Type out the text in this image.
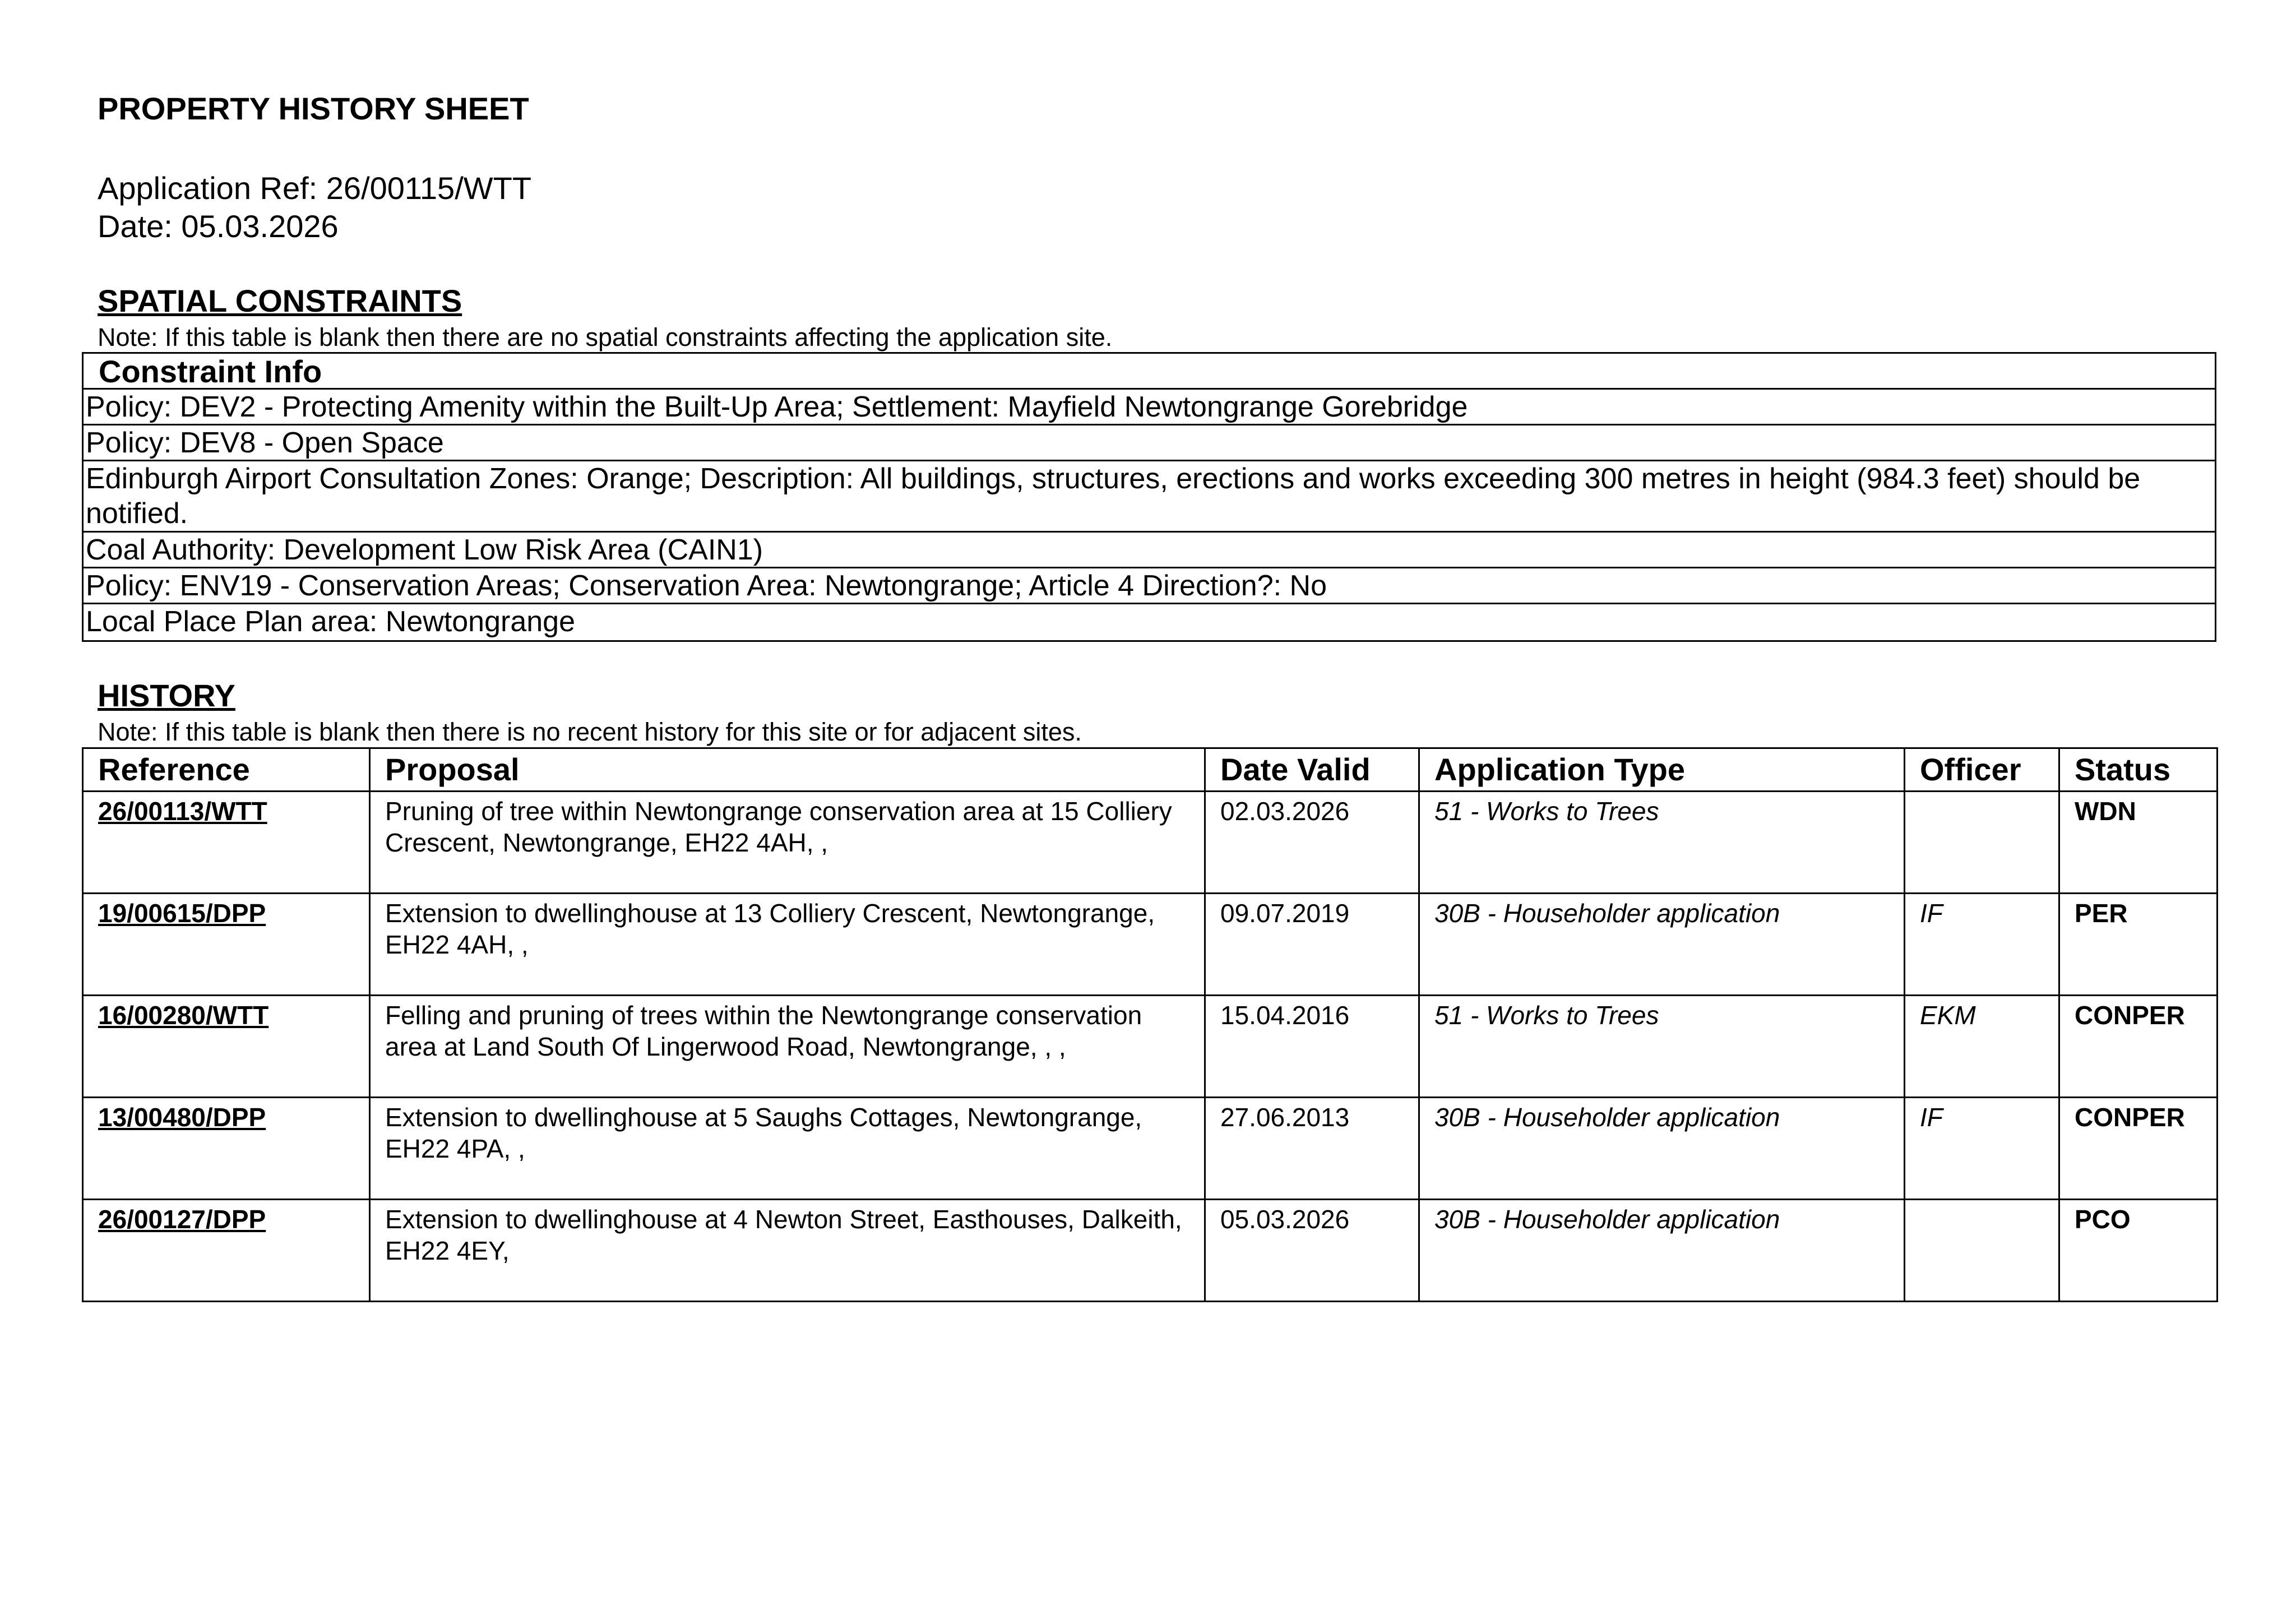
PROPERTY HISTORY SHEET
Application Ref: 26/00115/WTT
Date: 05.03.2026
SPATIAL CONSTRAINTS
Note: If this table is blank then there are no spatial constraints affecting the application site.
Constraint Info
Policy: DEV2 - Protecting Amenity within the Built-Up Area; Settlement: Mayfield Newtongrange Gorebridge
Policy: DEV8 - Open Space
Edinburgh Airport Consultation Zones: Orange; Description: All buildings, structures, erections and works exceeding 300 metres in height (984.3 feet) should be notified.
Coal Authority: Development Low Risk Area (CAIN1)
Policy: ENV19 - Conservation Areas; Conservation Area: Newtongrange; Article 4 Direction?: No
Local Place Plan area: Newtongrange
HISTORY
Note: If this table is blank then there is no recent history for this site or for adjacent sites.
Reference	Proposal	Date Valid	Application Type	Officer	Status
26/00113/WTT	Pruning of tree within Newtongrange conservation area at 15 Colliery Crescent, Newtongrange, EH22 4AH, ,	02.03.2026	51 - Works to Trees		WDN
19/00615/DPP	Extension to dwellinghouse at 13 Colliery Crescent, Newtongrange, EH22 4AH, ,	09.07.2019	30B - Householder application	IF	PER
16/00280/WTT	Felling and pruning of trees within the Newtongrange conservation area at Land South Of Lingerwood Road, Newtongrange, , ,	15.04.2016	51 - Works to Trees	EKM	CONPER
13/00480/DPP	Extension to dwellinghouse at 5 Saughs Cottages, Newtongrange, EH22 4PA, ,	27.06.2013	30B - Householder application	IF	CONPER
26/00127/DPP	Extension to dwellinghouse at 4 Newton Street, Easthouses, Dalkeith, EH22 4EY,	05.03.2026	30B - Householder application		PCO
